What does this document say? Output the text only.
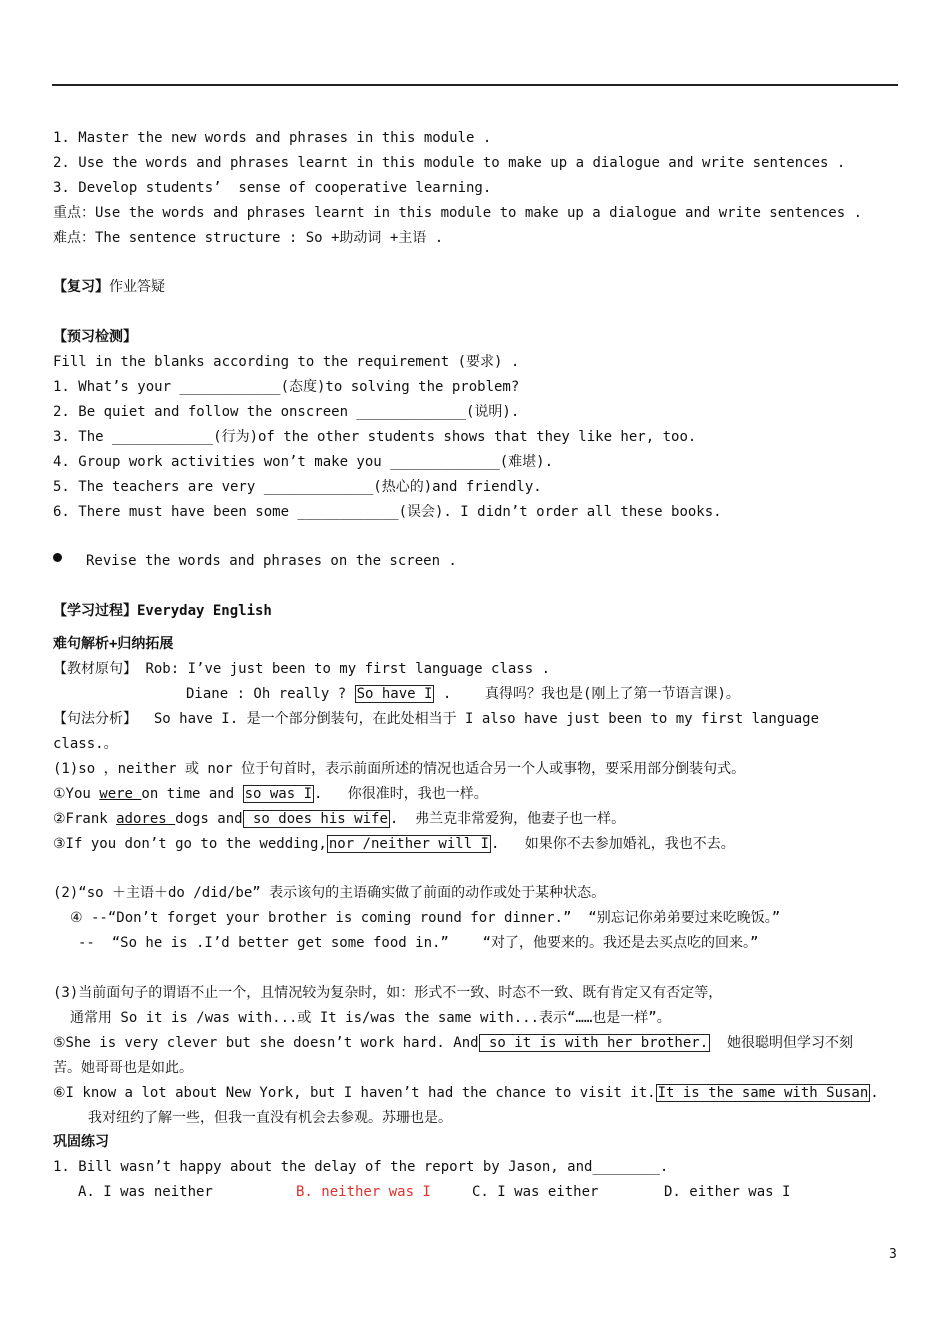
1. Master the new words and phrases in this module .
2. Use the words and phrases learnt in this module to make up a dialogue and write sentences .
3. Develop students’  sense of cooperative learning.
重点：Use the words and phrases learnt in this module to make up a dialogue and write sentences .
难点：The sentence structure : So +助动词 +主语 .
【复习】作业答疑
【预习检测】
Fill in the blanks according to the requirement (要求) .
1. What’s your ____________(态度)to solving the problem?
2. Be quiet and follow the onscreen _____________(说明).
3. The ____________(行为)of the other students shows that they like her, too.
4. Group work activities won’t make you _____________(难堪).
5. The teachers are very _____________(热心的)and friendly.
6. There must have been some ____________(误会). I didn’t order all these books.
Revise the words and phrases on the screen .
【学习过程】Everyday English
难句解析+归纳拓展
【教材原句】 Rob: I’ve just been to my first language class .
Diane : Oh really ? So have I .    真得吗？我也是(刚上了第一节语言课)。
【句法分析】 So have I. 是一个部分倒装句，在此处相当于 I also have just been to my first language
class.。
(1)so ，neither 或 nor 位于句首时，表示前面所述的情况也适合另一个人或事物，要采用部分倒装句式。
①You were on time and so was I .   你很准时，我也一样。
②Frank adores dogs and so does his wife .  弗兰克非常爱狗，他妻子也一样。
③If you don’t go to the wedding, nor /neither will I .   如果你不去参加婚礼，我也不去。
(2)“so ＋主语＋do /did/be” 表示该句的主语确实做了前面的动作或处于某种状态。
④ --“Don’t forget your brother is coming round for dinner.”  “别忘记你弟弟要过来吃晚饭。”
--  “So he is .I’d better get some food in.”    “对了，他要来的。我还是去买点吃的回来。”
(3)当前面句子的谓语不止一个，且情况较为复杂时，如：形式不一致、时态不一致、既有肯定又有否定等，
通常用 So it is /was with...或 It is/was the same with...表示“……也是一样”。
⑤She is very clever but she doesn’t work hard. And so it is with her brother.  她很聪明但学习不刻
苦。她哥哥也是如此。
⑥I know a lot about New York, but I haven’t had the chance to visit it. It is the same with Susan .
我对纽约了解一些，但我一直没有机会去参观。苏珊也是。
巩固练习
1. Bill wasn’t happy about the delay of the report by Jason, and________.
A. I was neither	B. neither was I	C. I was either	D. either was I
3
